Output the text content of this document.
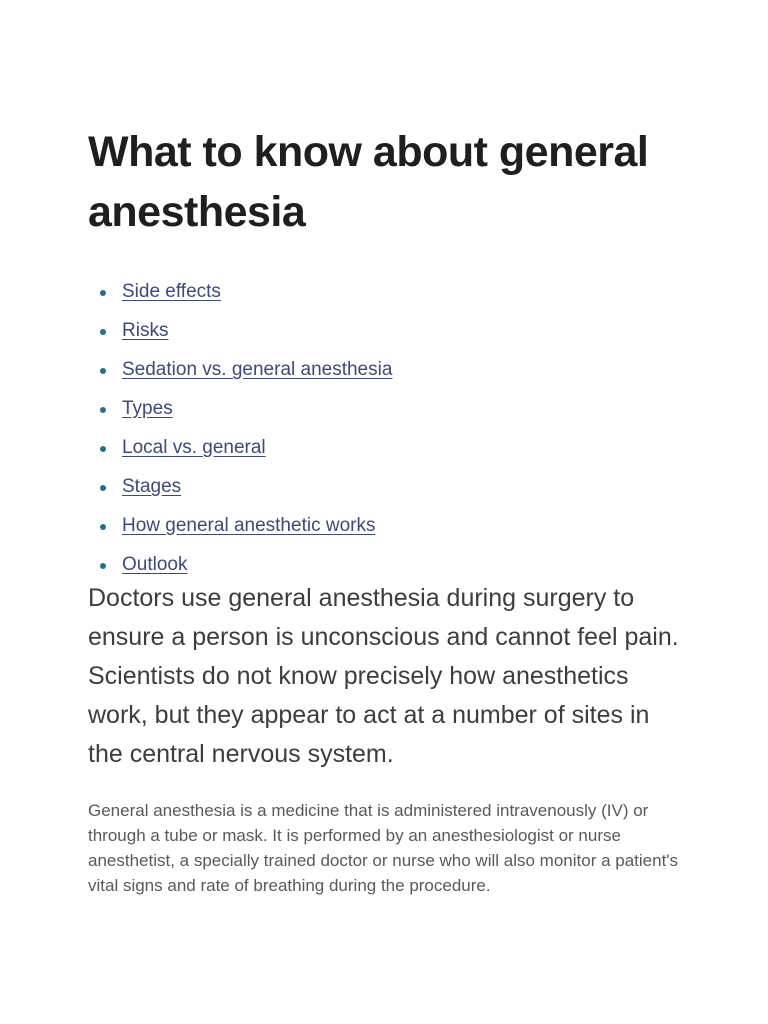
What to know about general anesthesia
Side effects
Risks
Sedation vs. general anesthesia
Types
Local vs. general
Stages
How general anesthetic works
Outlook

Doctors use general anesthesia during surgery to ensure a person is unconscious and cannot feel pain. Scientists do not know precisely how anesthetics work, but they appear to act at a number of sites in the central nervous system.

General anesthesia is a medicine that is administered intravenously (IV) or through a tube or mask. It is performed by an anesthesiologist or nurse anesthetist, a specially trained doctor or nurse who will also monitor a patient's vital signs and rate of breathing during the procedure.
